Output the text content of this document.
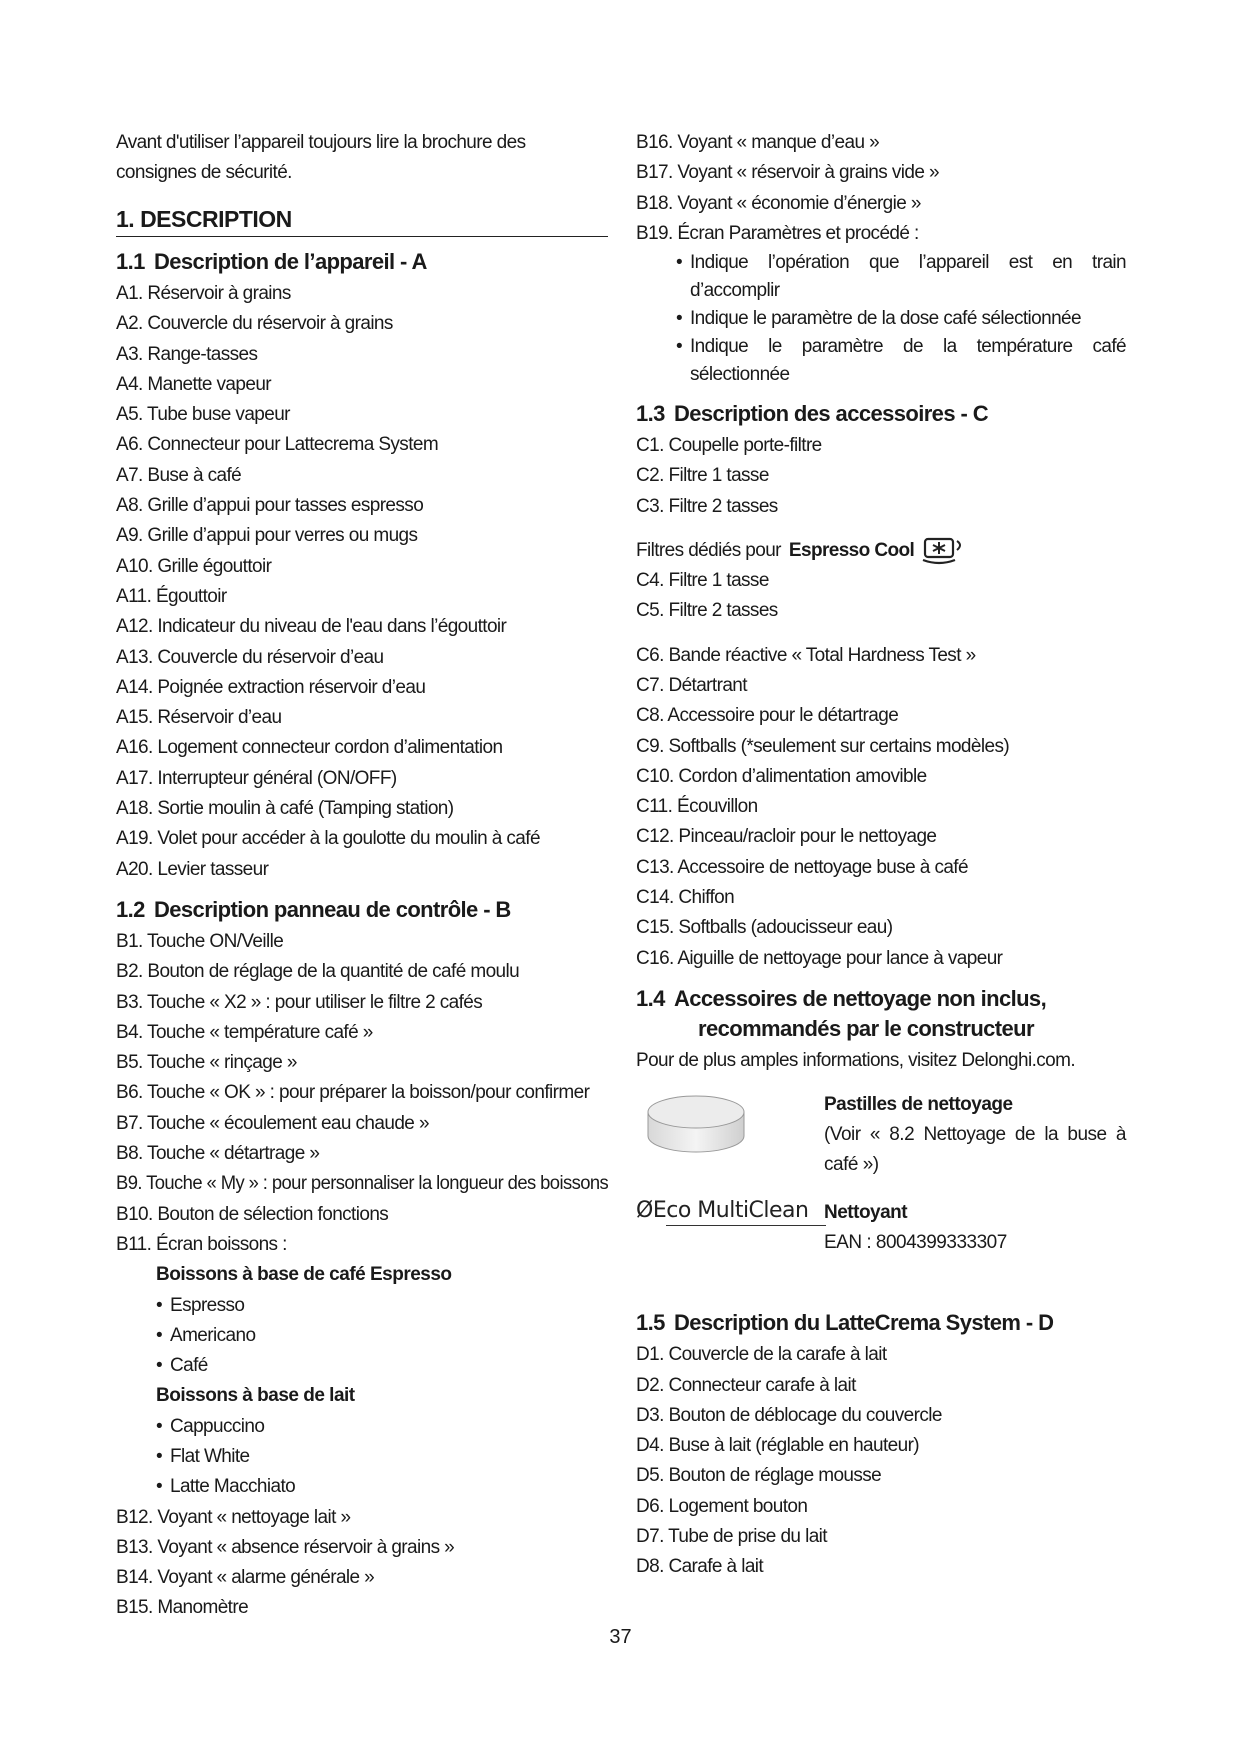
Avant d'utiliser l’appareil toujours lire la brochure des consignes de sécurité.
1. DESCRIPTION
1.1 Description de l’appareil - A
A1. Réservoir à grains
A2. Couvercle du réservoir à grains
A3. Range-tasses
A4. Manette vapeur
A5. Tube buse vapeur
A6. Connecteur pour Lattecrema System
A7. Buse à café
A8. Grille d’appui pour tasses espresso
A9. Grille d’appui pour verres ou mugs
A10. Grille égouttoir
A11. Égouttoir
A12. Indicateur du niveau de l'eau dans l’égouttoir
A13. Couvercle du réservoir d’eau
A14. Poignée extraction réservoir d’eau
A15. Réservoir d’eau
A16. Logement connecteur cordon d’alimentation
A17. Interrupteur général (ON/OFF)
A18. Sortie moulin à café (Tamping station)
A19. Volet pour accéder à la goulotte du moulin à café
A20. Levier tasseur
1.2 Description panneau de contrôle - B
B1. Touche ON/Veille
B2. Bouton de réglage de la quantité de café moulu
B3. Touche « X2 » : pour utiliser le filtre 2 cafés
B4. Touche « température café »
B5. Touche « rinçage »
B6. Touche « OK » : pour préparer la boisson/pour confirmer
B7. Touche « écoulement eau chaude »
B8. Touche « détartrage »
B9. Touche « My » : pour personnaliser la longueur des boissons
B10. Bouton de sélection fonctions
B11. Écran boissons :
Boissons à base de café Espresso
• Espresso
• Americano
• Café
Boissons à base de lait
• Cappuccino
• Flat White
• Latte Macchiato
B12. Voyant « nettoyage lait »
B13. Voyant « absence réservoir à grains »
B14. Voyant « alarme générale »
B15. Manomètre
B16. Voyant « manque d’eau »
B17. Voyant « réservoir à grains vide »
B18. Voyant « économie d’énergie »
B19. Écran Paramètres et procédé :
• Indique l’opération que l’appareil est en train d’accomplir
• Indique le paramètre de la dose café sélectionnée
• Indique le paramètre de la température café sélectionnée
1.3 Description des accessoires - C
C1. Coupelle porte-filtre
C2. Filtre 1 tasse
C3. Filtre 2 tasses
Filtres dédiés pour Espresso Cool
C4. Filtre 1 tasse
C5. Filtre 2 tasses
C6. Bande réactive « Total Hardness Test »
C7. Détartrant
C8. Accessoire pour le détartrage
C9. Softballs (*seulement sur certains modèles)
C10. Cordon d’alimentation amovible
C11. Écouvillon
C12. Pinceau/racloir pour le nettoyage
C13. Accessoire de nettoyage buse à café
C14. Chiffon
C15. Softballs (adoucisseur eau)
C16. Aiguille de nettoyage pour lance à vapeur
1.4 Accessoires de nettoyage non inclus,
recommandés par le constructeur
Pour de plus amples informations, visitez Delonghi.com.
Pastilles de nettoyage
(Voir « 8.2 Nettoyage de la buse à café »)
ØEco MultiClean Nettoyant
EAN : 8004399333307
1.5 Description du LatteCrema System - D
D1. Couvercle de la carafe à lait
D2. Connecteur carafe à lait
D3. Bouton de déblocage du couvercle
D4. Buse à lait (réglable en hauteur)
D5. Bouton de réglage mousse
D6. Logement bouton
D7. Tube de prise du lait
D8. Carafe à lait
37
